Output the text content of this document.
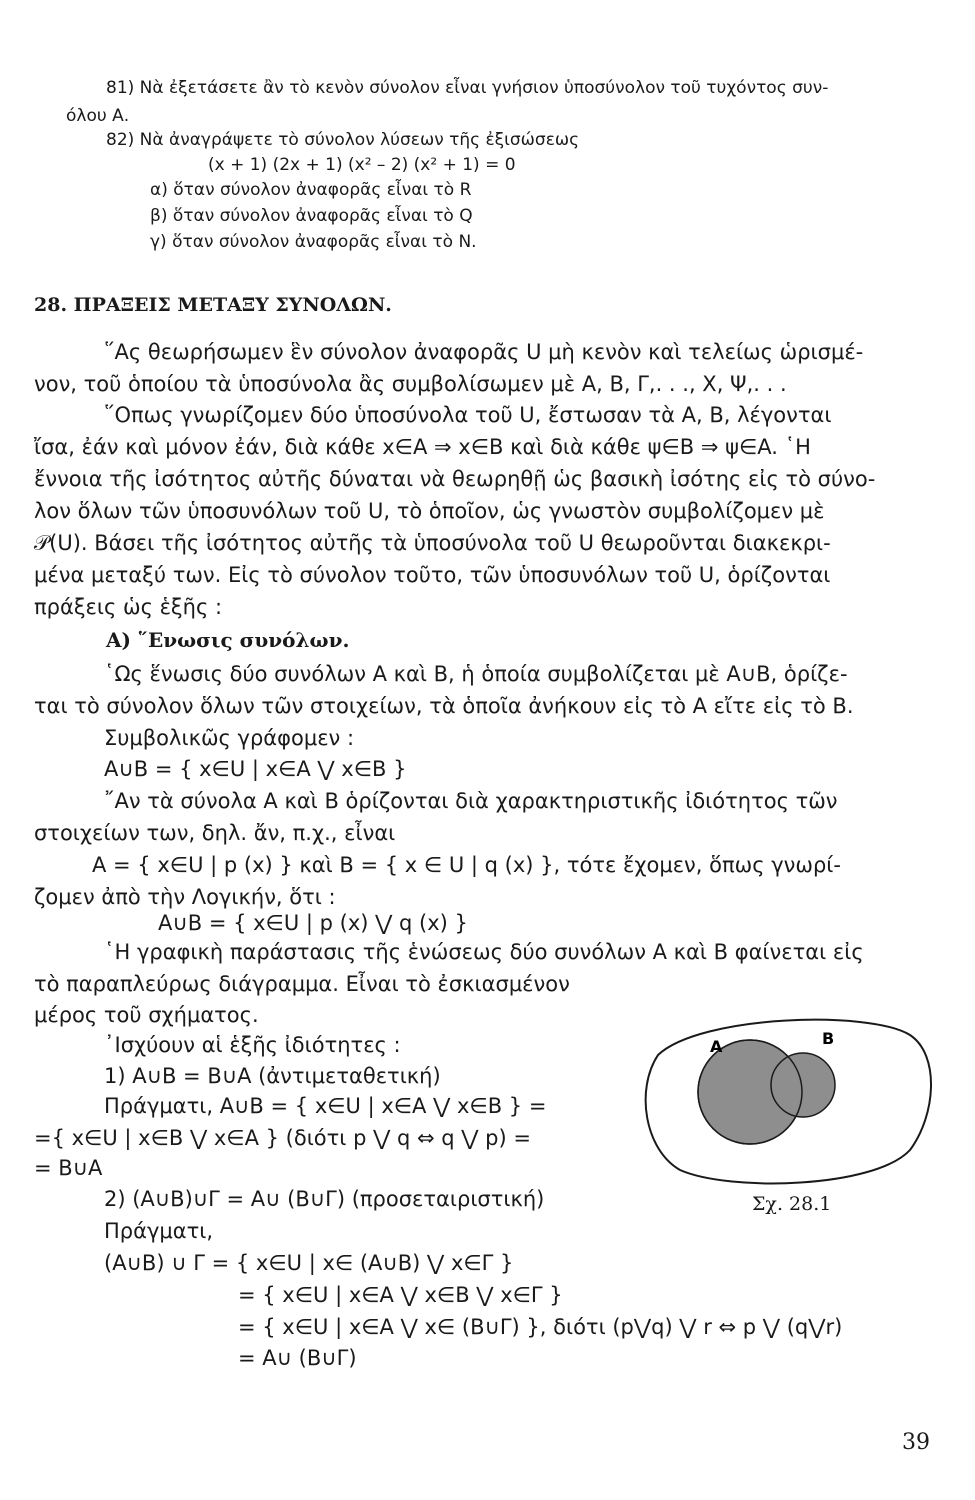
81) Νὰ ἐξετάσετε ἂν τὸ κενὸν σύνολον εἶναι γνήσιον ὑποσύνολον τοῦ τυχόντος συν-
όλου Α.
82) Νὰ ἀναγράψετε τὸ σύνολον λύσεων τῆς ἐξισώσεως
(x + 1) (2x + 1) (x² – 2) (x² + 1) = 0
α) ὅταν σύνολον ἀναφορᾶς εἶναι τὸ R
β) ὅταν σύνολον ἀναφορᾶς εἶναι τὸ Q
γ) ὅταν σύνολον ἀναφορᾶς εἶναι τὸ N.
28. ΠΡΑΞΕΙΣ ΜΕΤΑΞΥ ΣΥΝΟΛΩΝ.
῞Ας θεωρήσωμεν ἓν σύνολον ἀναφορᾶς U μὴ κενὸν καὶ τελείως ὡρισμέ-
νον, τοῦ ὁποίου τὰ ὑποσύνολα ἂς συμβολίσωμεν μὲ Α, Β, Γ,. . ., Χ, Ψ,. . .
῞Οπως γνωρίζομεν δύο ὑποσύνολα τοῦ U, ἔστωσαν τὰ Α, Β, λέγονται
ἴσα, ἐάν καὶ μόνον ἐάν, διὰ κάθε x∈A ⇒ x∈B καὶ διὰ κάθε ψ∈B ⇒ ψ∈A. ῾Η
ἔννοια τῆς ἰσότητος αὐτῆς δύναται νὰ θεωρηθῇ ὡς βασικὴ ἰσότης εἰς τὸ σύνο-
λον ὅλων τῶν ὑποσυνόλων τοῦ U, τὸ ὁποῖον, ὡς γνωστὸν συμβολίζομεν μὲ
𝒫(U). Βάσει τῆς ἰσότητος αὐτῆς τὰ ὑποσύνολα τοῦ U θεωροῦνται διακεκρι-
μένα μεταξύ των. Εἰς τὸ σύνολον τοῦτο, τῶν ὑποσυνόλων τοῦ U, ὁρίζονται
πράξεις ὡς ἑξῆς :
Α) ῞Ενωσις συνόλων.
῾Ως ἕνωσις δύο συνόλων Α καὶ Β, ἡ ὁποία συμβολίζεται μὲ Α∪Β, ὁρίζε-
ται τὸ σύνολον ὅλων τῶν στοιχείων, τὰ ὁποῖα ἀνήκουν εἰς τὸ Α εἴτε εἰς τὸ Β.
Συμβολικῶς γράφομεν :
Α∪Β = { x∈U | x∈A ⋁ x∈B }
῎Αν τὰ σύνολα Α καὶ Β ὁρίζονται διὰ χαρακτηριστικῆς ἰδιότητος τῶν
στοιχείων των, δηλ. ἄν, π.χ., εἶναι
Α = { x∈U | p (x) } καὶ Β = { x ∈ U | q (x) }, τότε ἔχομεν, ὅπως γνωρί-
ζομεν ἀπὸ τὴν Λογικήν, ὅτι :
Α∪Β = { x∈U | p (x) ⋁ q (x) }
῾Η γραφικὴ παράστασις τῆς ἑνώσεως δύο συνόλων Α καὶ Β φαίνεται εἰς
τὸ παραπλεύρως διάγραμμα. Εἶναι τὸ ἐσκιασμένον
μέρος τοῦ σχήματος.
᾿Ισχύουν αἱ ἑξῆς ἰδιότητες :
1) Α∪Β = Β∪Α (ἀντιμεταθετική)
Πράγματι, Α∪Β = { x∈U | x∈A ⋁ x∈B } =
={ x∈U | x∈B ⋁ x∈A } (διότι p ⋁ q ⇔ q ⋁ p) =
= Β∪Α
2) (Α∪Β)∪Γ = Α∪ (Β∪Γ) (προσεταιριστική)
Πράγματι,
(Α∪Β) ∪ Γ = { x∈U | x∈ (Α∪Β) ⋁ x∈Γ }
= { x∈U | x∈A ⋁ x∈B ⋁ x∈Γ }
= { x∈U | x∈A ⋁ x∈ (Β∪Γ) }, διότι (p⋁q) ⋁ r ⇔ p ⋁ (q⋁r)
= Α∪ (Β∪Γ)
A	B
Σχ. 28.1
39
